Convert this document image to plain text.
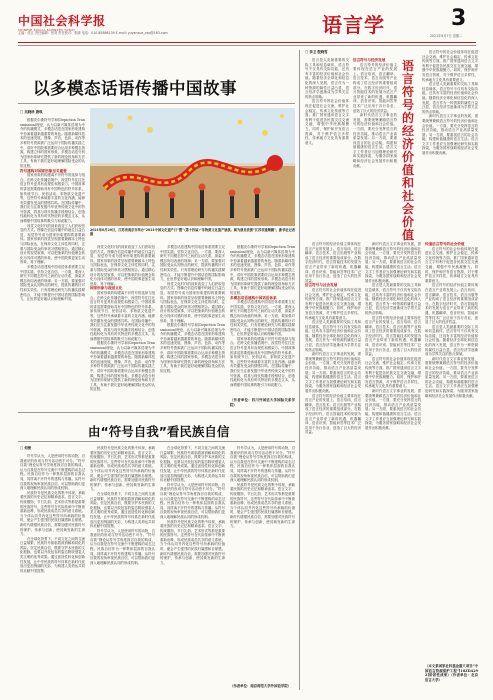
中国社会科学报
CHINESE SOCIAL SCIENCES TODAY
主编：张江 责任编辑：张青 责任校对：张晓 电话：010-85886139 E-mail: yuyanxue_zxp@163.com	语言学	3
2021年9月7日 星期二
以多模态话语传播中国故事
□ 吴晓珍 唐琪

根据皮尔斯符号学和(Depiction Transmission)理论，认为以新兴媒体语境为中介的传播模式，多模态话语在国家形象建构中扮演着越来越重要的角色。随着新媒体技术的迅速发展，图像、声音、色彩、动作等多种符号资源被广泛运用于国际传播实践之中，讲好中国故事需要综合运用多种模态资源，构建立体的国家形象。多模态话语分析为国家形象研究提供了新的理论视角和方法工具，有助于我们更好地理解国际受众的认知过程。

符号建构对国家形象至关重要

国家形象的构建离不开符号的选择与组合。在跨文化传播语境中，视觉符号往往比语言符号更具有直观性和感染力。中国故事的讲述需要借助具有中国特色的符号体系，如传统节日、民俗活动、非物质文化遗产等，这些符号承载着丰富的文化内涵，能够有效激发受众的情感共鸣。在国际传播中，我们应当注重发掘中华优秀传统文化中的符号资源，将其与现代传播手段相结合，创造性地转化为具有时代特征的多模态文本，从而增强中国故事的吸引力和说服力。

视觉文化时代的到来改变了人们获取信息的方式。图像在信息传播中的地位日益凸显，视觉符号成为国家形象建构的重要载体。国家形象的视觉呈现需要兼顾本土特色与国际表达，在保持文化主体性的同时，注重与国际受众的审美习惯相契合。通过精心设计的视觉叙事，可以把抽象的价值理念转化为具体可感的形象，使中国故事更加生动形象、易于理解。

多模态话语建构中国话语体系需要立足中国实践，坚持文化自信。一方面，要深入研究不同模态符号之间的互动关系，探索多模态协同表意的规律；另一方面，要加强对国际受众认知特点的研究，提高传播的针对性和实效性。只有将理论研究与传播实践紧密结合，才能不断提升中国话语的国际影响力，让世界更好地认识和理解中国。

2021年6月20日，江苏省南京市举办“2021中国文化遗产日”暨“（第十四届）”非物质文化遗产展演。图为演员表演“江苏非遗舞狮”。新华社记者 摄

视觉文化时代的到来改变了人们获取信息的方式。图像在信息传播中的地位日益凸显，视觉符号成为国家形象建构的重要载体。国家形象的视觉呈现需要兼顾本土特色与国际表达，在保持文化主体性的同时，注重与国际受众的审美习惯相契合。通过精心设计的视觉叙事，可以把抽象的价值理念转化为具体可感的形象，使中国故事更加生动形象、易于理解。

国家形象与视觉文化

国家形象的构建离不开符号的选择与组合。在跨文化传播语境中，视觉符号往往比语言符号更具有直观性和感染力。中国故事的讲述需要借助具有中国特色的符号体系，如传统节日、民俗活动、非物质文化遗产等，这些符号承载着丰富的文化内涵，能够有效激发受众的情感共鸣。在国际传播中，我们应当注重发掘中华优秀传统文化中的符号资源，将其与现代传播手段相结合，创造性地转化为具有时代特征的多模态文本，从而增强中国故事的吸引力和说服力。

根据皮尔斯符号学和(Depiction Transmission)理论，认为以新兴媒体语境为中介的传播模式，多模态话语在国家形象建构中扮演着越来越重要的角色。随着新媒体技术的迅速发展，图像、声音、色彩、动作等多种符号资源被广泛运用于国际传播实践之中，讲好中国故事需要综合运用多种模态资源，构建立体的国家形象。多模态话语分析为国家形象研究提供了新的理论视角和方法工具，有助于我们更好地理解国际受众的认知过程。

多模态话语建构中国话语体系需要立足中国实践，坚持文化自信。一方面，要深入研究不同模态符号之间的互动关系，探索多模态协同表意的规律；另一方面，要加强对国际受众认知特点的研究，提高传播的针对性和实效性。只有将理论研究与传播实践紧密结合，才能不断提升中国话语的国际影响力，让世界更好地认识和理解中国。

视觉文化时代的到来改变了人们获取信息的方式。图像在信息传播中的地位日益凸显，视觉符号成为国家形象建构的重要载体。国家形象的视觉呈现需要兼顾本土特色与国际表达，在保持文化主体性的同时，注重与国际受众的审美习惯相契合。通过精心设计的视觉叙事，可以把抽象的价值理念转化为具体可感的形象，使中国故事更加生动形象、易于理解。

根据皮尔斯符号学和(Depiction Transmission)理论，认为以新兴媒体语境为中介的传播模式，多模态话语在国家形象建构中扮演着越来越重要的角色。随着新媒体技术的迅速发展，图像、声音、色彩、动作等多种符号资源被广泛运用于国际传播实践之中，讲好中国故事需要综合运用多种模态资源，构建立体的国家形象。多模态话语分析为国家形象研究提供了新的理论视角和方法工具，有助于我们更好地理解国际受众的认知过程。

根据皮尔斯符号学和(Depiction Transmission)理论，认为以新兴媒体语境为中介的传播模式，多模态话语在国家形象建构中扮演着越来越重要的角色。随着新媒体技术的迅速发展，图像、声音、色彩、动作等多种符号资源被广泛运用于国际传播实践之中，讲好中国故事需要综合运用多种模态资源，构建立体的国家形象。多模态话语分析为国家形象研究提供了新的理论视角和方法工具，有助于我们更好地理解国际受众的认知过程。

多模态话语建构中国话语体系

多模态话语建构中国话语体系需要立足中国实践，坚持文化自信。一方面，要深入研究不同模态符号之间的互动关系，探索多模态协同表意的规律；另一方面，要加强对国际受众认知特点的研究，提高传播的针对性和实效性。只有将理论研究与传播实践紧密结合，才能不断提升中国话语的国际影响力，让世界更好地认识和理解中国。

国家形象的构建离不开符号的选择与组合。在跨文化传播语境中，视觉符号往往比语言符号更具有直观性和感染力。中国故事的讲述需要借助具有中国特色的符号体系，如传统节日、民俗活动、非物质文化遗产等，这些符号承载着丰富的文化内涵，能够有效激发受众的情感共鸣。在国际传播中，我们应当注重发掘中华优秀传统文化中的符号资源，将其与现代传播手段相结合，创造性地转化为具有时代特征的多模态文本，从而增强中国故事的吸引力和说服力。

（作者单位：四川外国语大学国际关系学院）
由“符号自我”看民族自信
□ 何俊

符号学认为，人是使用符号的动物，自我意识的形成与符号活动密不可分。“符号自我”理论从符号学角度探讨自我的构成，认为自我是在符号交流中不断建构的动态过程。民族自信作为一种集体层面的自我认同，同样离不开符号的建构与传播。从符号自我的视角审视民族自信，可以帮助我们更深入地理解民族认同的形成机制。

民族符号是民族文化的集中体现，承载着民族的历史记忆和精神追求。语言文字、传统服饰、节日礼俗、艺术形式等都是重要的民族符号。这些符号在代际传承中不断被重新诠释，形成民族成员共享的意义系统。当个体认同并内化这些符号所承载的价值时，便会产生强烈的民族归属感和自豪感。新时代增强民族自信，需要加强对民族符号的保护、传承与创新，使其焕发新的生命力。

在全球化背景下，不同文化之间的交流日益频繁，民族符号面临着被消解和同化的风险。坚定民族自信，既要守护本民族的文化根脉，也要以开放包容的姿态吸收借鉴人类文明的优秀成果。通过创造性转化和创新性发展，让中华民族的符号体系在新时代绽放出更加绚丽的光彩，为构建人类命运共同体贡献中国智慧。

民族符号是民族文化的集中体现，承载着民族的历史记忆和精神追求。语言文字、传统服饰、节日礼俗、艺术形式等都是重要的民族符号。这些符号在代际传承中不断被重新诠释，形成民族成员共享的意义系统。当个体认同并内化这些符号所承载的价值时，便会产生强烈的民族归属感和自豪感。新时代增强民族自信，需要加强对民族符号的保护、传承与创新，使其焕发新的生命力。

在全球化背景下，不同文化之间的交流日益频繁，民族符号面临着被消解和同化的风险。坚定民族自信，既要守护本民族的文化根脉，也要以开放包容的姿态吸收借鉴人类文明的优秀成果。通过创造性转化和创新性发展，让中华民族的符号体系在新时代绽放出更加绚丽的光彩，为构建人类命运共同体贡献中国智慧。

符号学认为，人是使用符号的动物，自我意识的形成与符号活动密不可分。“符号自我”理论从符号学角度探讨自我的构成，认为自我是在符号交流中不断建构的动态过程。民族自信作为一种集体层面的自我认同，同样离不开符号的建构与传播。从符号自我的视角审视民族自信，可以帮助我们更深入地理解民族认同的形成机制。

在全球化背景下，不同文化之间的交流日益频繁，民族符号面临着被消解和同化的风险。坚定民族自信，既要守护本民族的文化根脉，也要以开放包容的姿态吸收借鉴人类文明的优秀成果。通过创造性转化和创新性发展，让中华民族的符号体系在新时代绽放出更加绚丽的光彩，为构建人类命运共同体贡献中国智慧。

符号学认为，人是使用符号的动物，自我意识的形成与符号活动密不可分。“符号自我”理论从符号学角度探讨自我的构成，认为自我是在符号交流中不断建构的动态过程。民族自信作为一种集体层面的自我认同，同样离不开符号的建构与传播。从符号自我的视角审视民族自信，可以帮助我们更深入地理解民族认同的形成机制。

民族符号是民族文化的集中体现，承载着民族的历史记忆和精神追求。语言文字、传统服饰、节日礼俗、艺术形式等都是重要的民族符号。这些符号在代际传承中不断被重新诠释，形成民族成员共享的意义系统。当个体认同并内化这些符号所承载的价值时，便会产生强烈的民族归属感和自豪感。新时代增强民族自信，需要加强对民族符号的保护、传承与创新，使其焕发新的生命力。

符号学认为，人是使用符号的动物，自我意识的形成与符号活动密不可分。“符号自我”理论从符号学角度探讨自我的构成，认为自我是在符号交流中不断建构的动态过程。民族自信作为一种集体层面的自我认同，同样离不开符号的建构与传播。从符号自我的视角审视民族自信，可以帮助我们更深入地理解民族认同的形成机制。

民族符号是民族文化的集中体现，承载着民族的历史记忆和精神追求。语言文字、传统服饰、节日礼俗、艺术形式等都是重要的民族符号。这些符号在代际传承中不断被重新诠释，形成民族成员共享的意义系统。当个体认同并内化这些符号所承载的价值时，便会产生强烈的民族归属感和自豪感。新时代增强民族自信，需要加强对民族符号的保护、传承与创新，使其焕发新的生命力。

（作者单位：南京师范大学外国语学院）
□ 李卫 殷晓雪

语言是人类最重要的交际工具和信息载体，语言符号不仅具有交际功能，还具有丰富的经济价值和社会价值。随着经济全球化和信息化的深入发展，语言作为一种资源的属性日益凸显，语言经济学逐渐成为学界关注的热点领域。

语言符号的社会价值体现在促进社会交流、维护社会稳定、传承文化传统等方面。推广国家通用语言文字有利于促进各民族交往交流交融，增强中华民族凝聚力。同时，保护和开发语言资源，对于维护语言多样性、传承地方文化具有重要意义。

语言符号与经济发展

语言符号的经济价值主要体现在语言产业的发展上。语言培训、语言翻译、语言技术、语言出版等产业构成了语言经济的重要组成部分。在数字经济时代，语言智能技术的发展为语言产业带来了新的机遇，机器翻译、语音识别、智能问答等技术广泛应用于各行各业，创造了巨大的经济效益。

新时代语言文字事业的发展，需要统筹兼顾语言符号的经济价值和社会价值。一方面，要充分发挥语言的经济功能，推动语言产业高质量发展；另一方面，要重视语言的社会功能，构建和谐健康的语言生活。语言文字工作者应当加强理论研究和实践探索，为服务国家战略和经济社会发展作出积极贡献。

语言符号的经济价值和社会价值

语言符号的社会价值体现在促进社会交流、维护社会稳定、传承文化传统等方面。推广国家通用语言文字有利于促进各民族交往交流交融，增强中华民族凝聚力。同时，保护和开发语言资源，对于维护语言多样性、传承地方文化具有重要意义。

语言是人类最重要的交际工具和信息载体，语言符号不仅具有交际功能，还具有丰富的经济价值和社会价值。随着经济全球化和信息化的深入发展，语言作为一种资源的属性日益凸显，语言经济学逐渐成为学界关注的热点领域。

新时代语言文字事业的发展，需要统筹兼顾语言符号的经济价值和社会价值。一方面，要充分发挥语言的经济功能，推动语言产业高质量发展；另一方面，要重视语言的社会功能，构建和谐健康的语言生活。语言文字工作者应当加强理论研究和实践探索，为服务国家战略和经济社会发展作出积极贡献。

语言符号的经济价值主要体现在语言产业的发展上。语言培训、语言翻译、语言技术、语言出版等产业构成了语言经济的重要组成部分。在数字经济时代，语言智能技术的发展为语言产业带来了新的机遇，机器翻译、语音识别、智能问答等技术广泛应用于各行各业，创造了巨大的经济效益。

语言符号与社会发展

语言符号的社会价值体现在促进社会交流、维护社会稳定、传承文化传统等方面。推广国家通用语言文字有利于促进各民族交往交流交融，增强中华民族凝聚力。同时，保护和开发语言资源，对于维护语言多样性、传承地方文化具有重要意义。

语言是人类最重要的交际工具和信息载体，语言符号不仅具有交际功能，还具有丰富的经济价值和社会价值。随着经济全球化和信息化的深入发展，语言作为一种资源的属性日益凸显，语言经济学逐渐成为学界关注的热点领域。

新时代语言文字事业的发展，需要统筹兼顾语言符号的经济价值和社会价值。一方面，要充分发挥语言的经济功能，推动语言产业高质量发展；另一方面，要重视语言的社会功能，构建和谐健康的语言生活。语言文字工作者应当加强理论研究和实践探索，为服务国家战略和经济社会发展作出积极贡献。

语言符号的经济价值主要体现在语言产业的发展上。语言培训、语言翻译、语言技术、语言出版等产业构成了语言经济的重要组成部分。在数字经济时代，语言智能技术的发展为语言产业带来了新的机遇，机器翻译、语音识别、智能问答等技术广泛应用于各行各业，创造了巨大的经济效益。

新时代语言文字事业的发展，需要统筹兼顾语言符号的经济价值和社会价值。一方面，要充分发挥语言的经济功能，推动语言产业高质量发展；另一方面，要重视语言的社会功能，构建和谐健康的语言生活。语言文字工作者应当加强理论研究和实践探索，为服务国家战略和经济社会发展作出积极贡献。

语言是人类最重要的交际工具和信息载体，语言符号不仅具有交际功能，还具有丰富的经济价值和社会价值。随着经济全球化和信息化的深入发展，语言作为一种资源的属性日益凸显，语言经济学逐渐成为学界关注的热点领域。

语言符号的经济价值主要体现在语言产业的发展上。语言培训、语言翻译、语言技术、语言出版等产业构成了语言经济的重要组成部分。在数字经济时代，语言智能技术的发展为语言产业带来了新的机遇，机器翻译、语音识别、智能问答等技术广泛应用于各行各业，创造了巨大的经济效益。

语言符号的社会价值体现在促进社会交流、维护社会稳定、传承文化传统等方面。推广国家通用语言文字有利于促进各民族交往交流交融，增强中华民族凝聚力。同时，保护和开发语言资源，对于维护语言多样性、传承地方文化具有重要意义。

新时代语言文字事业的发展，需要统筹兼顾语言符号的经济价值和社会价值。一方面，要充分发挥语言的经济功能，推动语言产业高质量发展；另一方面，要重视语言的社会功能，构建和谐健康的语言生活。语言文字工作者应当加强理论研究和实践探索，为服务国家战略和经济社会发展作出积极贡献。

传递语言符号的社会价值

语言符号的社会价值体现在促进社会交流、维护社会稳定、传承文化传统等方面。推广国家通用语言文字有利于促进各民族交往交流交融，增强中华民族凝聚力。同时，保护和开发语言资源，对于维护语言多样性、传承地方文化具有重要意义。

语言符号的经济价值主要体现在语言产业的发展上。语言培训、语言翻译、语言技术、语言出版等产业构成了语言经济的重要组成部分。在数字经济时代，语言智能技术的发展为语言产业带来了新的机遇，机器翻译、语音识别、智能问答等技术广泛应用于各行各业，创造了巨大的经济效益。

语言是人类最重要的交际工具和信息载体，语言符号不仅具有交际功能，还具有丰富的经济价值和社会价值。随着经济全球化和信息化的深入发展，语言作为一种资源的属性日益凸显，语言经济学逐渐成为学界关注的热点领域。

新时代语言文字事业的发展，需要统筹兼顾语言符号的经济价值和社会价值。一方面，要充分发挥语言的经济功能，推动语言产业高质量发展；另一方面，要重视语言的社会功能，构建和谐健康的语言生活。语言文字工作者应当加强理论研究和实践探索，为服务国家战略和经济社会发展作出积极贡献。

（本文系国家社科基金重大项目“中国语言资源保护工程”[18ZDA292]阶段性成果）（作者单位：北京语言大学）
